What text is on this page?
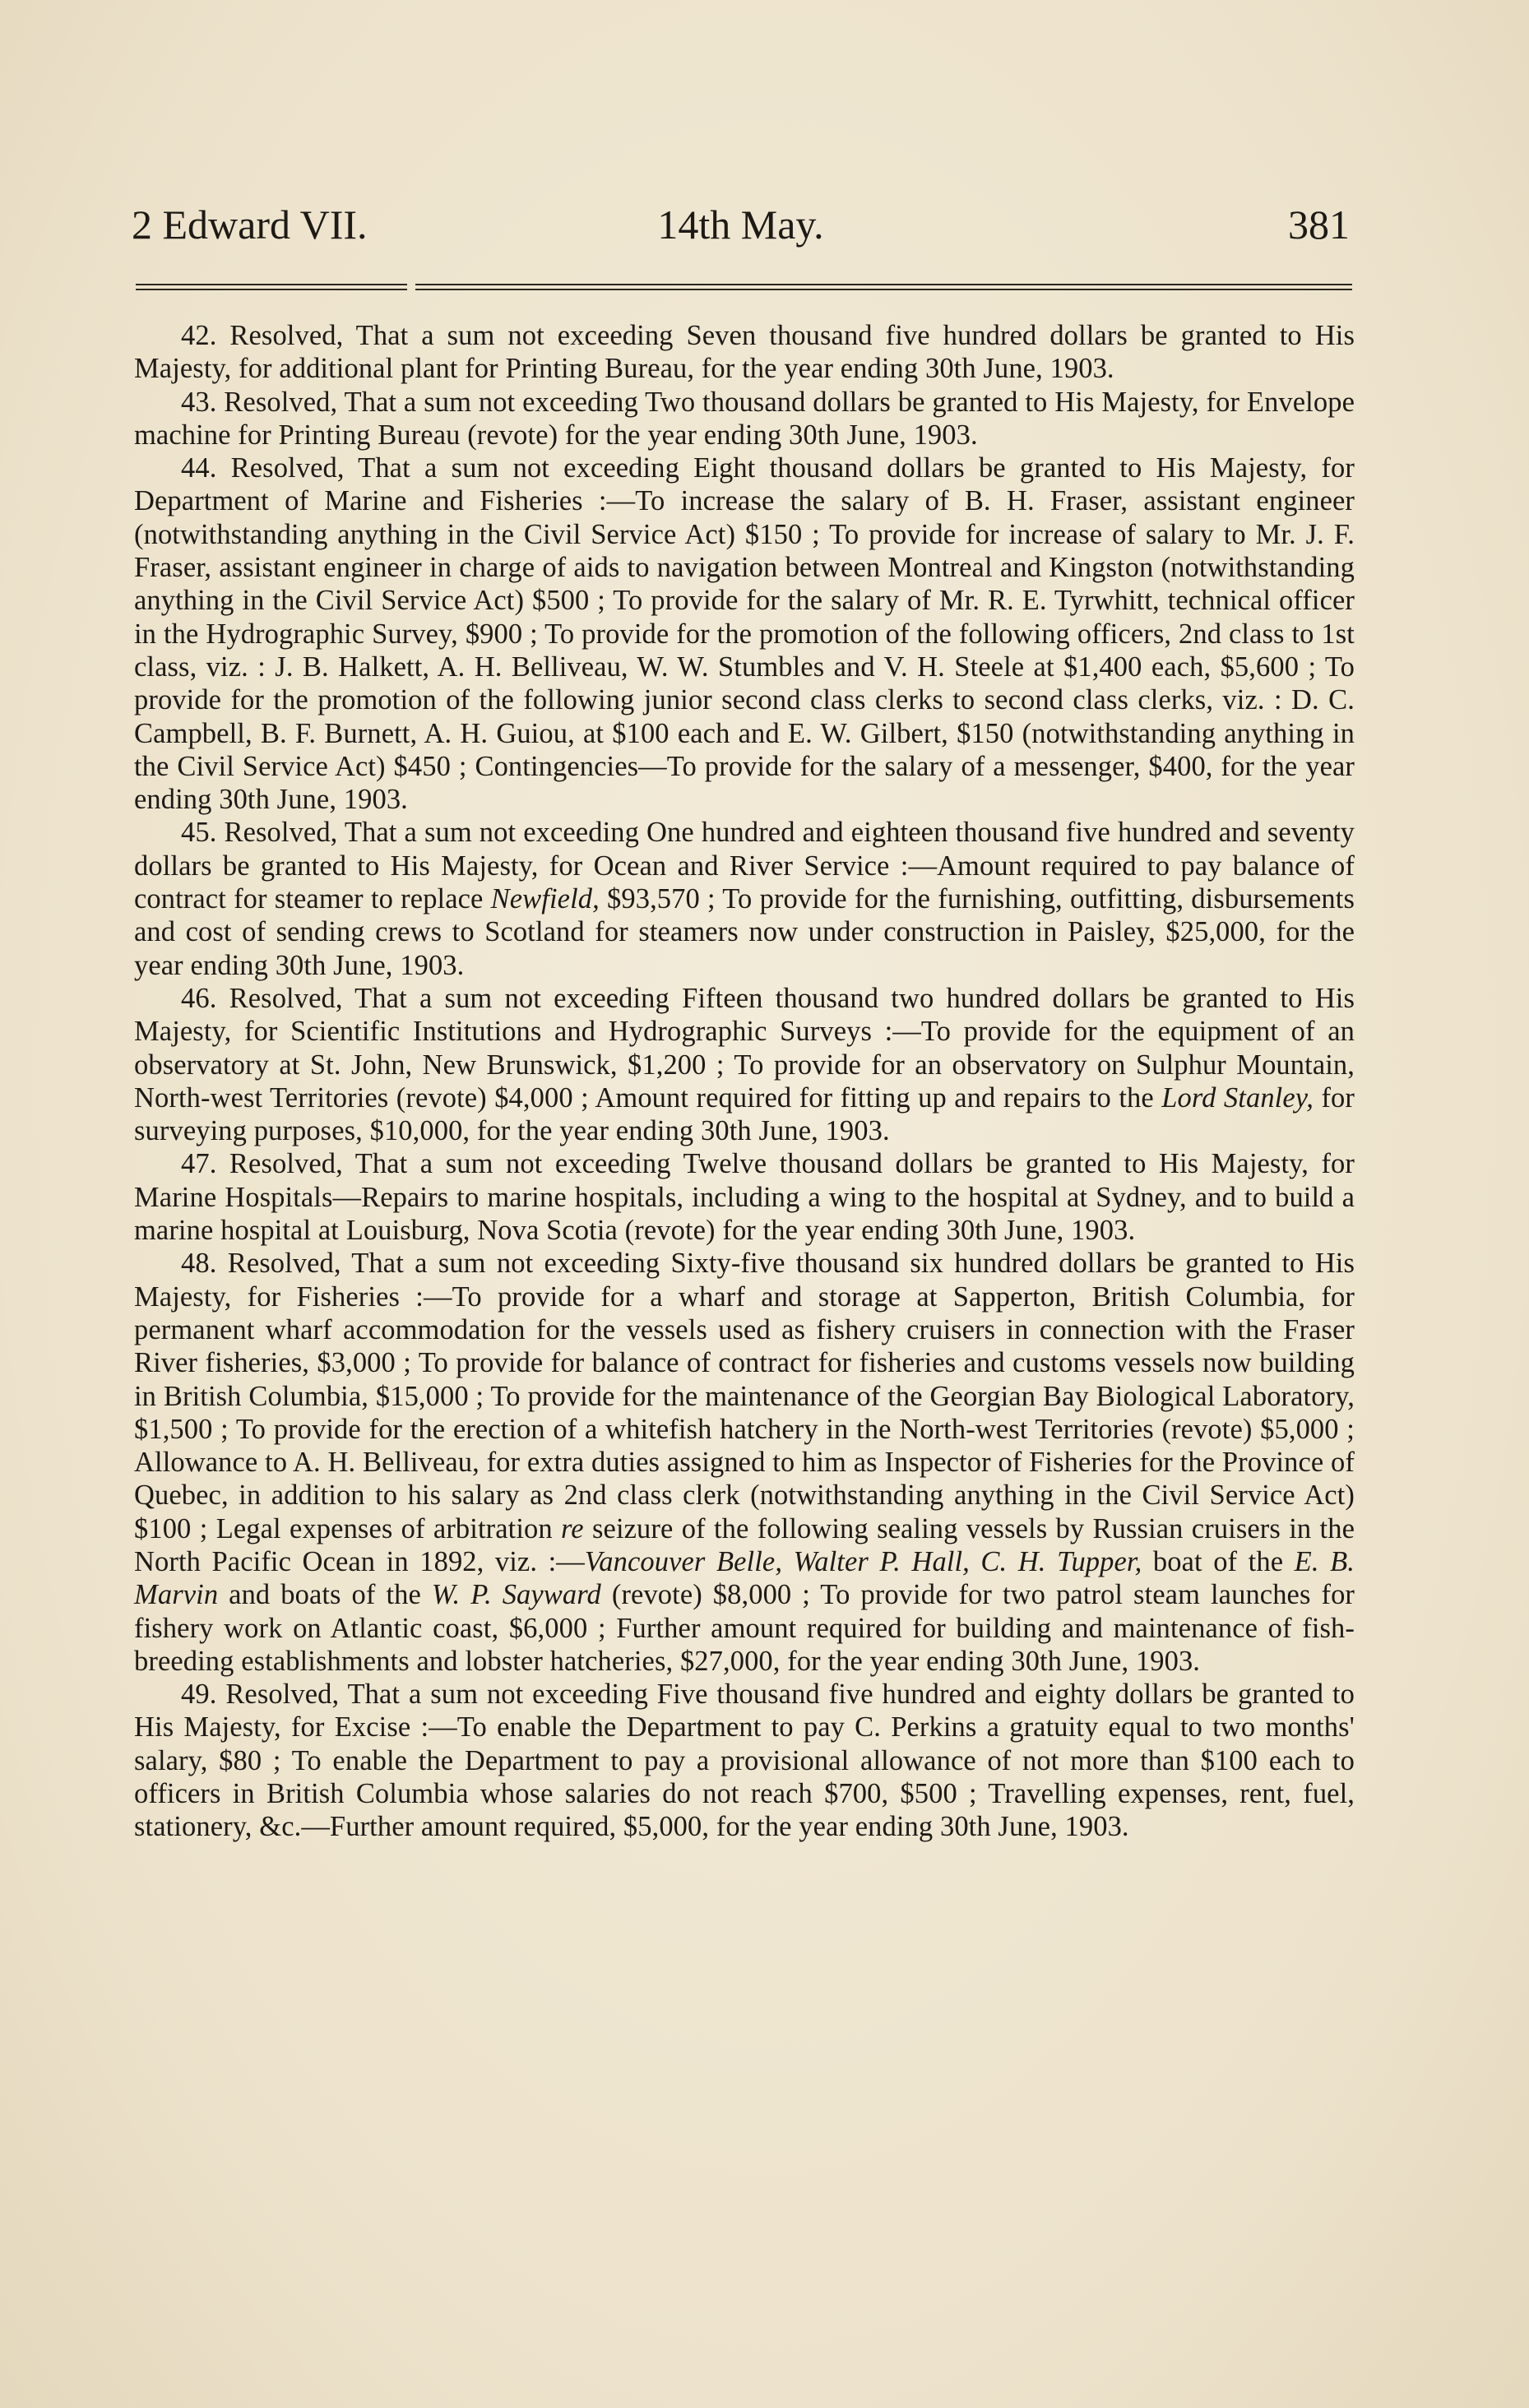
2 Edward VII.	14th May.	381

42. Resolved, That a sum not exceeding Seven thousand five hundred dollars be granted to His Majesty, for additional plant for Printing Bureau, for the year ending 30th June, 1903.

43. Resolved, That a sum not exceeding Two thousand dollars be granted to His Majesty, for Envelope machine for Printing Bureau (revote) for the year ending 30th June, 1903.

44. Resolved, That a sum not exceeding Eight thousand dollars be granted to His Majesty, for Department of Marine and Fisheries :—To increase the salary of B. H. Fraser, assistant engineer (notwithstanding anything in the Civil Service Act) $150 ; To provide for increase of salary to Mr. J. F. Fraser, assistant engineer in charge of aids to navigation between Montreal and Kingston (notwithstanding anything in the Civil Service Act) $500 ; To provide for the salary of Mr. R. E. Tyrwhitt, technical officer in the Hydrographic Survey, $900 ; To provide for the promotion of the following officers, 2nd class to 1st class, viz. : J. B. Halkett, A. H. Belliveau, W. W. Stumbles and V. H. Steele at $1,400 each, $5,600 ; To provide for the promotion of the following junior second class clerks to second class clerks, viz. : D. C. Campbell, B. F. Burnett, A. H. Guiou, at $100 each and E. W. Gilbert, $150 (notwithstanding anything in the Civil Service Act) $450 ; Contingencies—To provide for the salary of a messenger, $400, for the year ending 30th June, 1903.

45. Resolved, That a sum not exceeding One hundred and eighteen thousand five hundred and seventy dollars be granted to His Majesty, for Ocean and River Service :—Amount required to pay balance of contract for steamer to replace Newfield, $93,570 ; To provide for the furnishing, outfitting, disbursements and cost of sending crews to Scotland for steamers now under construction in Paisley, $25,000, for the year ending 30th June, 1903.

46. Resolved, That a sum not exceeding Fifteen thousand two hundred dollars be granted to His Majesty, for Scientific Institutions and Hydrographic Surveys :—To provide for the equipment of an observatory at St. John, New Brunswick, $1,200 ; To provide for an observatory on Sulphur Mountain, North-west Territories (revote) $4,000 ; Amount required for fitting up and repairs to the Lord Stanley, for surveying purposes, $10,000, for the year ending 30th June, 1903.

47. Resolved, That a sum not exceeding Twelve thousand dollars be granted to His Majesty, for Marine Hospitals—Repairs to marine hospitals, including a wing to the hospital at Sydney, and to build a marine hospital at Louisburg, Nova Scotia (revote) for the year ending 30th June, 1903.

48. Resolved, That a sum not exceeding Sixty-five thousand six hundred dollars be granted to His Majesty, for Fisheries :—To provide for a wharf and storage at Sapperton, British Columbia, for permanent wharf accommodation for the vessels used as fishery cruisers in connection with the Fraser River fisheries, $3,000 ; To provide for balance of contract for fisheries and customs vessels now building in British Columbia, $15,000 ; To provide for the maintenance of the Georgian Bay Biological Laboratory, $1,500 ; To provide for the erection of a whitefish hatchery in the North-west Territories (revote) $5,000 ; Allowance to A. H. Belliveau, for extra duties assigned to him as Inspector of Fisheries for the Province of Quebec, in addition to his salary as 2nd class clerk (notwithstanding anything in the Civil Service Act) $100 ; Legal expenses of arbitration re seizure of the following sealing vessels by Russian cruisers in the North Pacific Ocean in 1892, viz. :—Vancouver Belle, Walter P. Hall, C. H. Tupper, boat of the E. B. Marvin and boats of the W. P. Sayward (revote) $8,000 ; To provide for two patrol steam launches for fishery work on Atlantic coast, $6,000 ; Further amount required for building and maintenance of fish-breeding establishments and lobster hatcheries, $27,000, for the year ending 30th June, 1903.

49. Resolved, That a sum not exceeding Five thousand five hundred and eighty dollars be granted to His Majesty, for Excise :—To enable the Department to pay C. Perkins a gratuity equal to two months' salary, $80 ; To enable the Department to pay a provisional allowance of not more than $100 each to officers in British Columbia whose salaries do not reach $700, $500 ; Travelling expenses, rent, fuel, stationery, &c.—Further amount required, $5,000, for the year ending 30th June, 1903.
